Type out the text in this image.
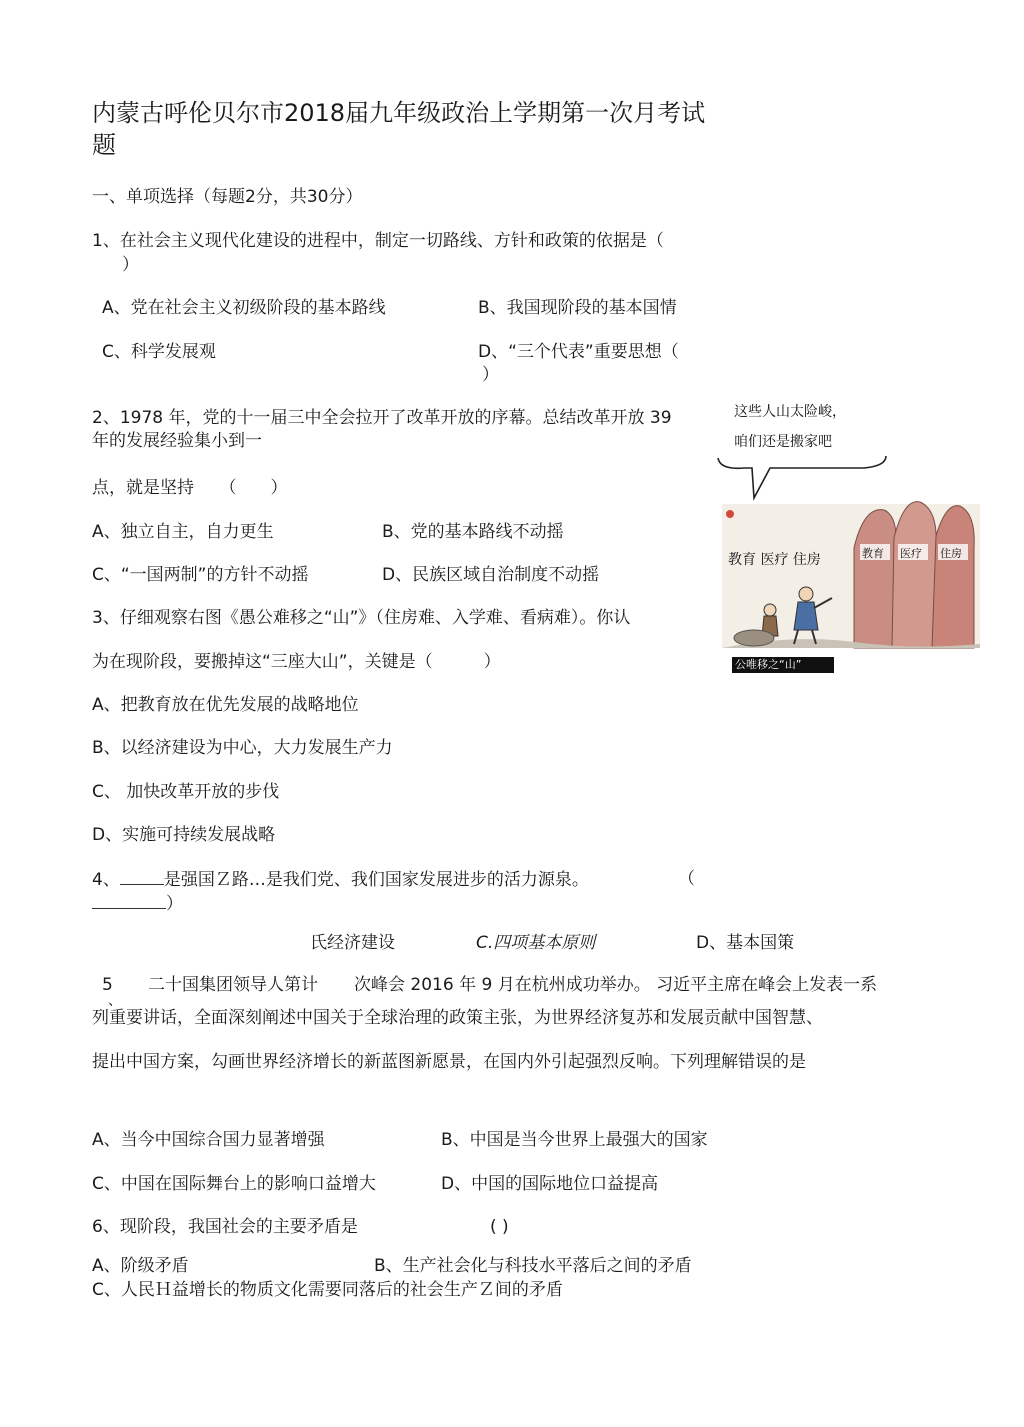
内蒙古呼伦贝尔市2018届九年级政治上学期第一次月考试
题
一、单项选择（每题2分，共30分）
1、在社会主义现代化建设的进程中，制定一切路线、方针和政策的依据是（
）
A、党在社会主义初级阶段的基本路线	B、我国现阶段的基本国情
C、科学发展观	D、“三个代表”重要思想（
）
2、1978 年，党的十一届三中全会拉开了改革开放的序幕。总结改革开放 39
年的发展经验集小到一
点，就是坚持　　（　　）
A、独立自主，自力更生	B、党的基本路线不动摇
C、“一国两制”的方针不动摇	D、民族区域自治制度不动摇
3、仔细观察右图《愚公难移之“山”》（住房难、入学难、看病难）。你认
为在现阶段，要搬掉这“三座大山”，关键是（　　　）
A、把教育放在优先发展的战略地位
B、以经济建设为中心，大力发展生产力
C、 加快改革开放的步伐
D、实施可持续发展战略
4、	是强国Ｚ路…是我们党、我们国家发展进步的活力源泉。	（
）
氏经济建设	C.四项基本原则	D、基本国策
5 二十国集团领导人第计 次峰会 2016 年 9 月在杭州成功举办。 习近平主席在峰会上发表一系
、
列重要讲话，全面深刻阐述中国关于全球治理的政策主张，为世界经济复苏和发展贡献中国智慧、
提出中国方案，勾画世界经济增长的新蓝图新愿景，在国内外引起强烈反响。下列理解错误的是
A、当今中国综合国力显著增强	B、中国是当今世界上最强大的国家
C、中国在国际舞台上的影响口益增大	D、中国的国际地位口益提高
6、现阶段，我国社会的主要矛盾是	( )
A、阶级矛盾	B、生产社会化与科技水平落后之间的矛盾
C、人民Ｈ益增长的物质文化需要同落后的社会生产Ｚ间的矛盾
这些人山太险峻，
咱们还是搬家吧
教育 医疗 住房
教育 医疗 住房
公唯移之“山”
